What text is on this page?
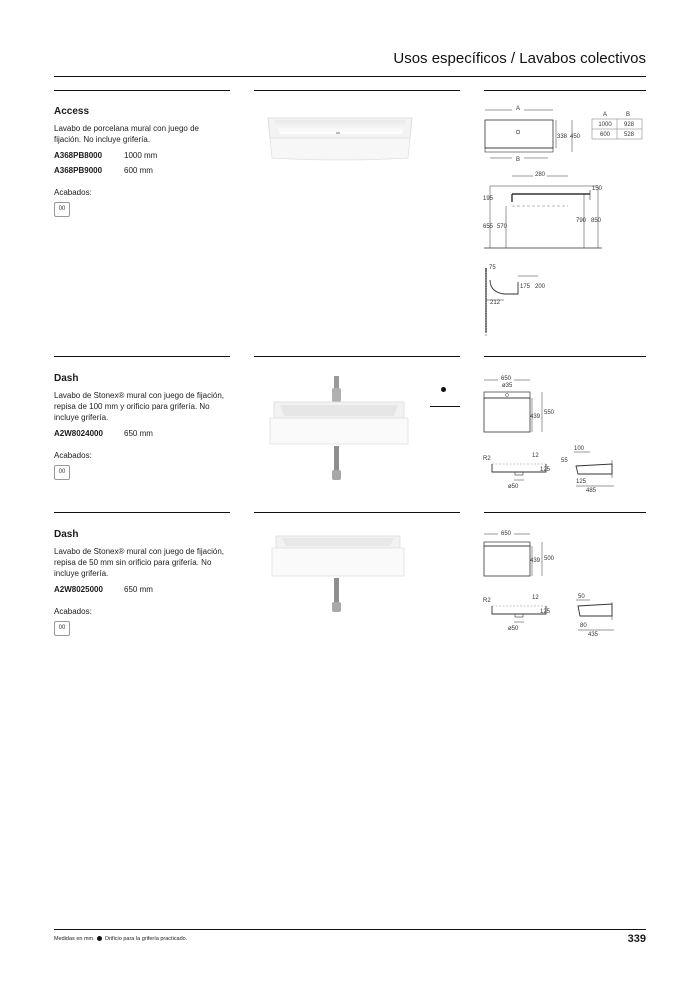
Usos específicos / Lavabos colectivos
Access
Lavabo de porcelana mural con juego de fijación. No incluye grifería.
A368PB8000	1000 mm
A368PB9000	600 mm
Acabados:
00
A
B
338 450
A	B
1000 928
600 528
280
150
195
655 570
790 850
75
175 200
212
Dash
Lavabo de Stonex® mural con juego de fijación, repisa de 100 mm y orificio para grifería. No incluye grifería.
A2W8024000	650 mm
Acabados:
00
650
ø35
439
550
R2	12
125
ø50
100
55
125
485
Dash
Lavabo de Stonex® mural con juego de fijación, repisa de 50 mm sin orificio para grifería. No incluye grifería.
A2W8025000	650 mm
Acabados:
00
650
439 500
R2	12
125
ø50
50
80
435
Medidas en mm. Orificio para la grifería practicado.	339
